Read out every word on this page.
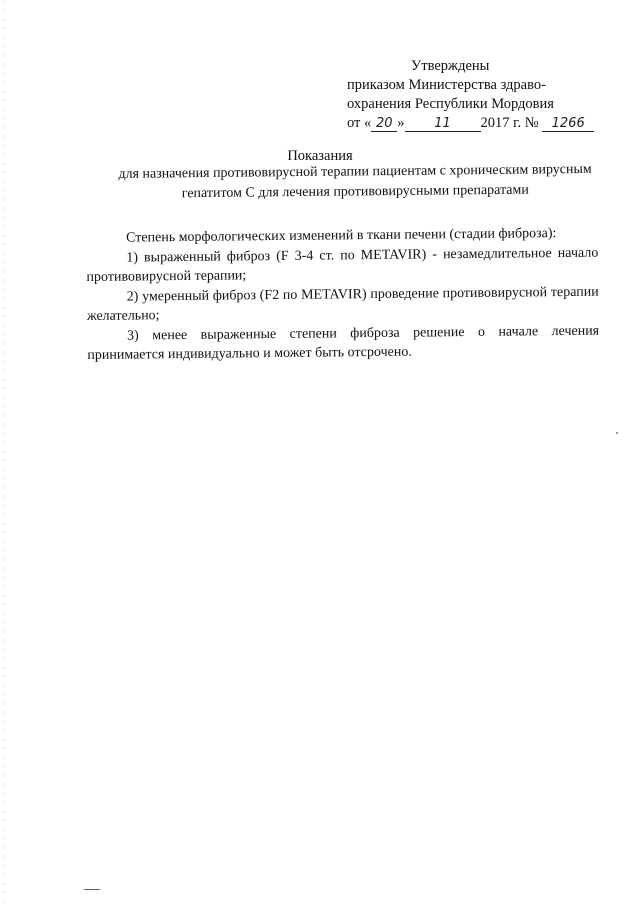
Утверждены
приказом Министерства здраво-
охранения Республики Мордовия
от « 20 » 11 2017 г. № 1266
Показания
для назначения противовирусной терапии пациентам с хроническим вирусным гепатитом С для лечения противовирусными препаратами

Степень морфологических изменений в ткани печени (стадии фиброза):

1) выраженный фиброз (F 3-4 ст. по METAVIR) - незамедлительное начало противовирусной терапии;

2) умеренный фиброз (F2 по METAVIR) проведение противовирусной терапии желательно;

3) менее выраженные степени фиброза решение о начале лечения принимается индивидуально и может быть отсрочено.
